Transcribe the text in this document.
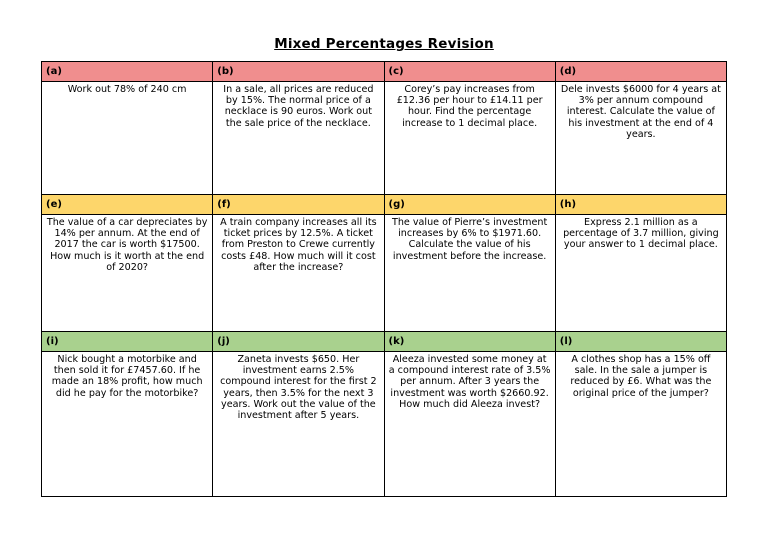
Mixed Percentages Revision
(a)	(b)	(c)	(d)
Work out 78% of 240 cm	In a sale, all prices are reduced by 15%. The normal price of a necklace is 90 euros. Work out the sale price of the necklace.	Corey’s pay increases from £12.36 per hour to £14.11 per hour. Find the percentage increase to 1 decimal place.	Dele invests $6000 for 4 years at 3% per annum compound interest. Calculate the value of his investment at the end of 4 years.
(e)	(f)	(g)	(h)
The value of a car depreciates by 14% per annum. At the end of 2017 the car is worth $17500. How much is it worth at the end of 2020?	A train company increases all its ticket prices by 12.5%. A ticket from Preston to Crewe currently costs £48. How much will it cost after the increase?	The value of Pierre’s investment increases by 6% to $1971.60. Calculate the value of his investment before the increase.	Express 2.1 million as a percentage of 3.7 million, giving your answer to 1 decimal place.
(i)	(j)	(k)	(l)
Nick bought a motorbike and then sold it for £7457.60. If he made an 18% profit, how much did he pay for the motorbike?	Zaneta invests $650. Her investment earns 2.5% compound interest for the first 2 years, then 3.5% for the next 3 years. Work out the value of the investment after 5 years.	Aleeza invested some money at a compound interest rate of 3.5% per annum. After 3 years the investment was worth $2660.92. How much did Aleeza invest?	A clothes shop has a 15% off sale. In the sale a jumper is reduced by £6. What was the original price of the jumper?
